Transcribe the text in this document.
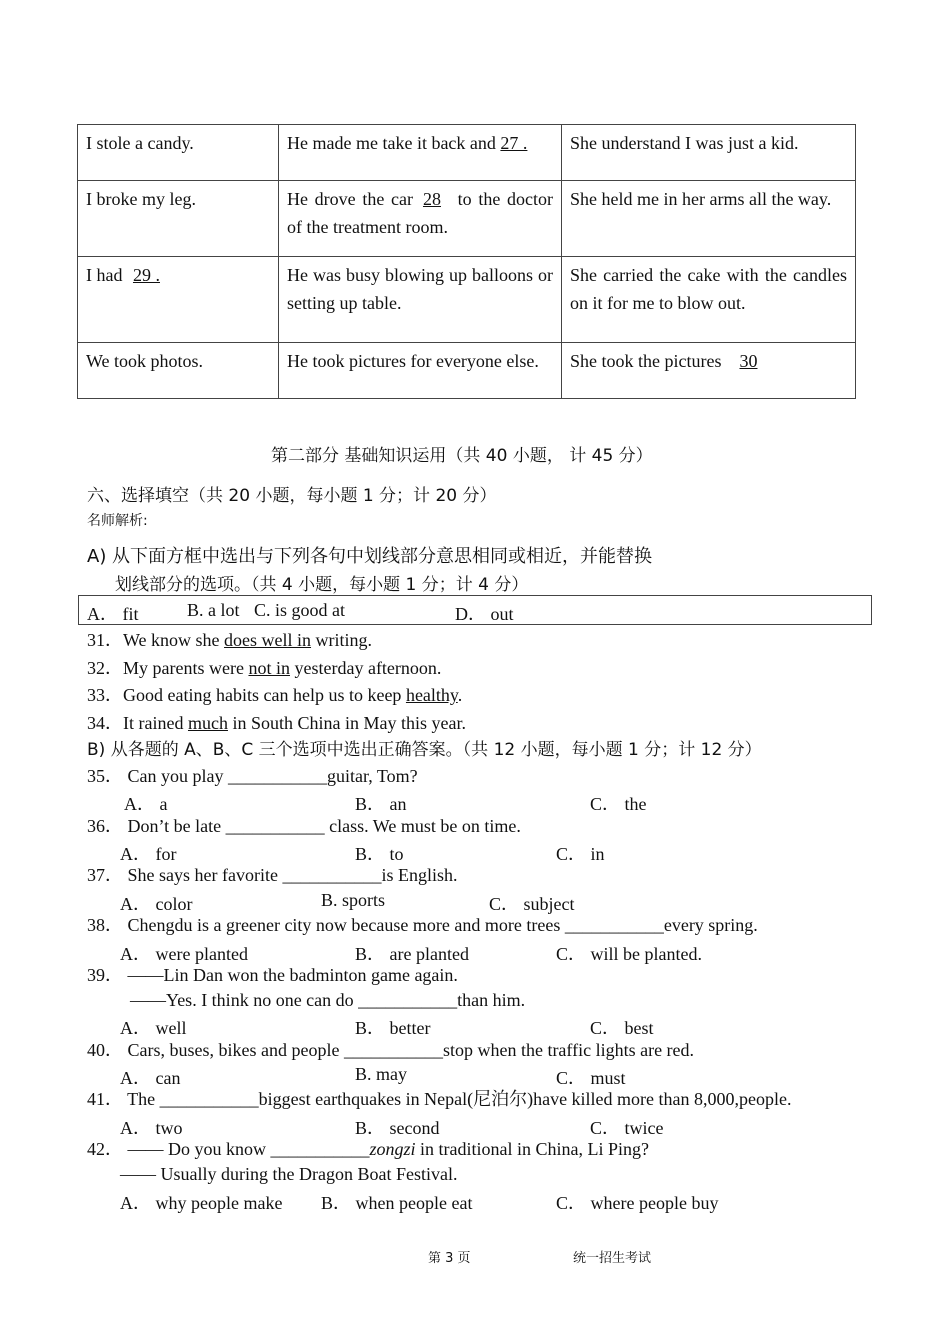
I stole a candy.	He made me take it back and 27 .	She understand I was just a kid.
I broke my leg.	He drove the car 28 to the doctor of the treatment room.	She held me in her arms all the way.
I had 29 .	He was busy blowing up balloons or setting up table.	She carried the cake with the candles on it for me to blow out.
We took photos.	He took pictures for everyone else.	She took the pictures 30
第二部分 基础知识运用（共 40 小题， 计 45 分）
六、选择填空（共 20 小题，每小题 1 分；计 20 分）
名师解析:
A) 从下面方框中选出与下列各句中划线部分意思相同或相近，并能替换
划线部分的选项。（共 4 小题，每小题 1 分；计 4 分）
A． fit	B. a lot C. is good at	D． out
31．We know she does well in writing.
32．My parents were not in yesterday afternoon.
33．Good eating habits can help us to keep healthy.
34．It rained much in South China in May this year.
B) 从各题的 A、B、C 三个选项中选出正确答案。（共 12 小题，每小题 1 分；计 12 分）
35． Can you play ___________guitar, Tom?
A． a	B． an	C． the
36． Don’t be late ___________ class. We must be on time.
A． for	B． to	C． in
37． She says her favorite ___________is English.
A． color	B. sports	C． subject
38． Chengdu is a greener city now because more and more trees ___________every spring.
A． were planted	B． are planted	C． will be planted.
39． ——Lin Dan won the badminton game again.
——Yes. I think no one can do ___________than him.
A． well	B． better	C． best
40． Cars, buses, bikes and people ___________stop when the traffic lights are red.
A． can	B. may	C． must
41． The ___________biggest earthquakes in Nepal(尼泊尔)have killed more than 8,000,people.
A． two	B． second	C． twice
42． —— Do you know ___________zongzi in traditional in China, Li Ping?
—— Usually during the Dragon Boat Festival.
A． why people make B． when people eat	C． where people buy
第 3 页	统一招生考试
